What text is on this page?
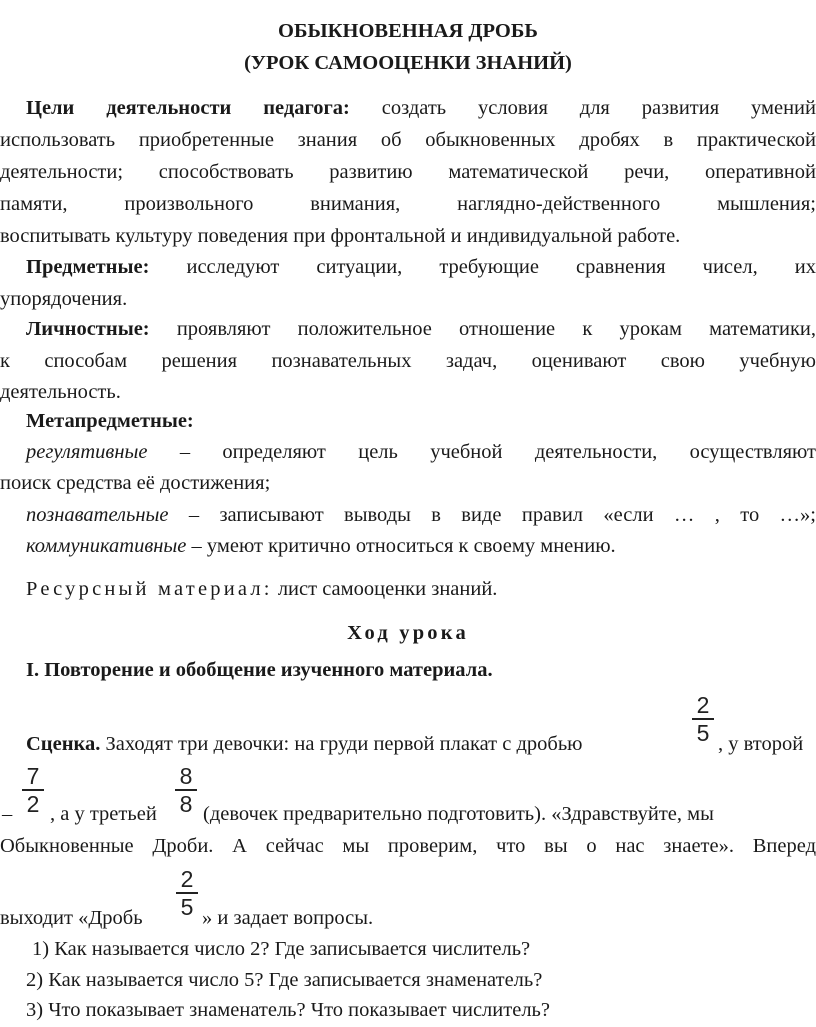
ОБЫКНОВЕННАЯ ДРОБЬ
(УРОК САМООЦЕНКИ ЗНАНИЙ)
Цели деятельности педагога: создать условия для развития умений
использовать приобретенные знания об обыкновенных дробях в практической
деятельности; способствовать развитию математической речи, оперативной
памяти, произвольного внимания, наглядно-действенного мышления;
воспитывать культуру поведения при фронтальной и индивидуальной работе.
Предметные: исследуют ситуации, требующие сравнения чисел, их
упорядочения.
Личностные: проявляют положительное отношение к урокам математики,
к способам решения познавательных задач, оценивают свою учебную
деятельность.
Метапредметные:
регулятивные – определяют цель учебной деятельности, осуществляют
поиск средства её достижения;
познавательные – записывают выводы в виде правил «если … , то …»;
коммуникативные – умеют критично относиться к своему мнению.
Ресурсный материал: лист самооценки знаний.
Ход урока
I. Повторение и обобщение изученного материала.
Сценка. Заходят три девочки: на груди первой плакат с дробью
2
5 , у второй
7
2
– , а у третьей
8
8 (девочек предварительно подготовить). «Здравствуйте, мы
Обыкновенные Дроби. А сейчас мы проверим, что вы о нас знаете». Вперед
выходит «Дробь
2
5 » и задает вопросы.
1) Как называется число 2? Где записывается числитель?
2) Как называется число 5? Где записывается знаменатель?
3) Что показывает знаменатель? Что показывает числитель?
